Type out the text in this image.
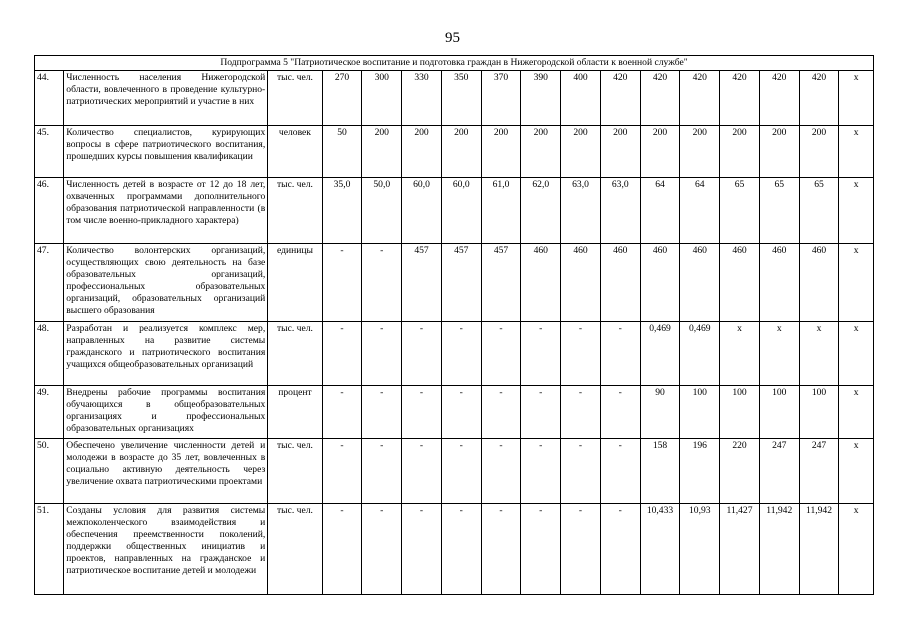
95
Подпрограмма 5 "Патриотическое воспитание и подготовка граждан в Нижегородской области к военной службе"																
44.	Численность населения Нижегородской области, вовлеченного в проведение культурно-патриотических мероприятий и участие в них	тыс. чел.	270	300	330	350	370	390	400	420	420	420	420	420	420	x
45.	Количество специалистов, курирующих вопросы в сфере патриотического воспитания, прошедших курсы повышения квалификации	человек	50	200	200	200	200	200	200	200	200	200	200	200	200	x
46.	Численность детей в возрасте от 12 до 18 лет, охваченных программами дополнительного образования патриотической направленности (в том числе военно-прикладного характера)	тыс. чел.	35,0	50,0	60,0	60,0	61,0	62,0	63,0	63,0	64	64	65	65	65	x
47.	Количество волонтерских организаций, осуществляющих свою деятельность на базе образовательных организаций, профессиональных образовательных организаций, образовательных организаций высшего образования	единицы	-	-	457	457	457	460	460	460	460	460	460	460	460	x
48.	Разработан и реализуется комплекс мер, направленных на развитие системы гражданского и патриотического воспитания учащихся общеобразовательных организаций	тыс. чел.	-	-	-	-	-	-	-	-	0,469	0,469	x	x	x	x
49.	Внедрены рабочие программы воспитания обучающихся в общеобразовательных организациях и профессиональных образовательных организациях	процент	-	-	-	-	-	-	-	-	90	100	100	100	100	x
50.	Обеспечено увеличение численности детей и молодежи в возрасте до 35 лет, вовлеченных в социально активную деятельность через увеличение охвата патриотическими проектами	тыс. чел.	-	-	-	-	-	-	-	-	158	196	220	247	247	x
51.	Созданы условия для развития системы межпоколенческого взаимодействия и обеспечения преемственности поколений, поддержки общественных инициатив и проектов, направленных на гражданское и патриотическое воспитание детей и молодежи	тыс. чел.	-	-	-	-	-	-	-	-	10,433	10,93	11,427	11,942	11,942	x
